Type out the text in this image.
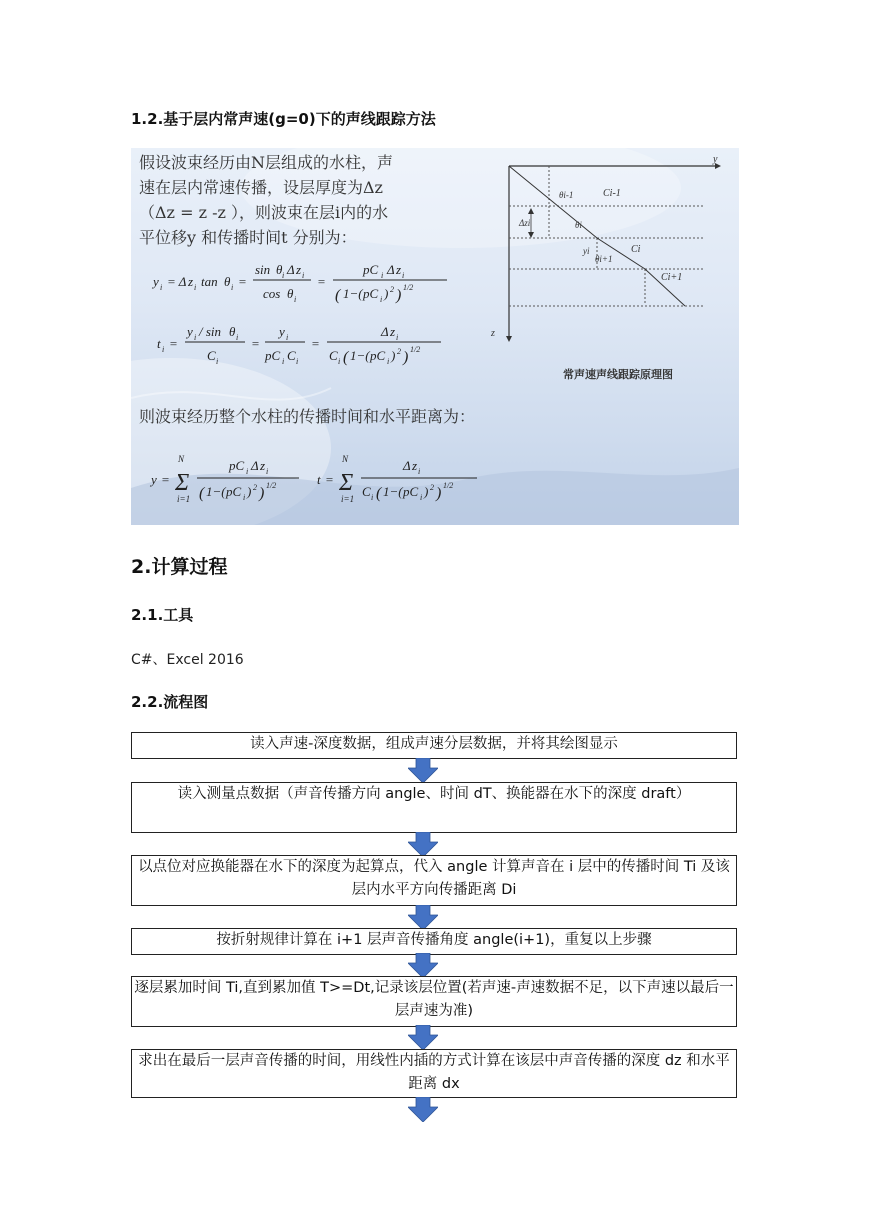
1.2.基于层内常声速(g=0)下的声线跟踪方法
假设波束经历由N层组成的水柱，声
速在层内常速传播，设层厚度为Δz
（Δz = z -z ），则波束在层i内的水
平位移y 和传播时间t 分别为：
y i = Δ z i tan θ i =
sin θ i Δ z i
cos θ i
=
pC i Δ z i
( 1−( pC i ) 2 ) 1/2
t i =
y i / sin θ i
C i
=
y i
pC i C i
=
Δ z i
C i ( 1−( pC i ) 2 ) 1/2
则波束经历整个水柱的传播时间和水平距离为：
y =
N
Σ
i=1
pC i Δ z i
( 1−( pC i ) 2 ) 1/2	t =
N
Σ
i=1
Δ z i
C i ( 1−( pC i ) 2 ) 1/2
y
z
θi-1	Ci-1
Δzi	θi
Ci
yi
θi+1
Ci+1
常声速声线跟踪原理图
2.计算过程
2.1.工具
C#、Excel 2016
2.2.流程图
读入声速-深度数据，组成声速分层数据，并将其绘图显示
读入测量点数据（声音传播方向 angle、时间 dT、换能器在水下的深度 draft）
以点位对应换能器在水下的深度为起算点，代入 angle 计算声音在 i 层中的传播时间 Ti 及该层内水平方向传播距离 Di
按折射规律计算在 i+1 层声音传播角度 angle(i+1)，重复以上步骤
逐层累加时间 Ti,直到累加值 T>=Dt,记录该层位置(若声速-声速数据不足，以下声速以最后一层声速为准)
求出在最后一层声音传播的时间，用线性内插的方式计算在该层中声音传播的深度 dz 和水平距离 dx
